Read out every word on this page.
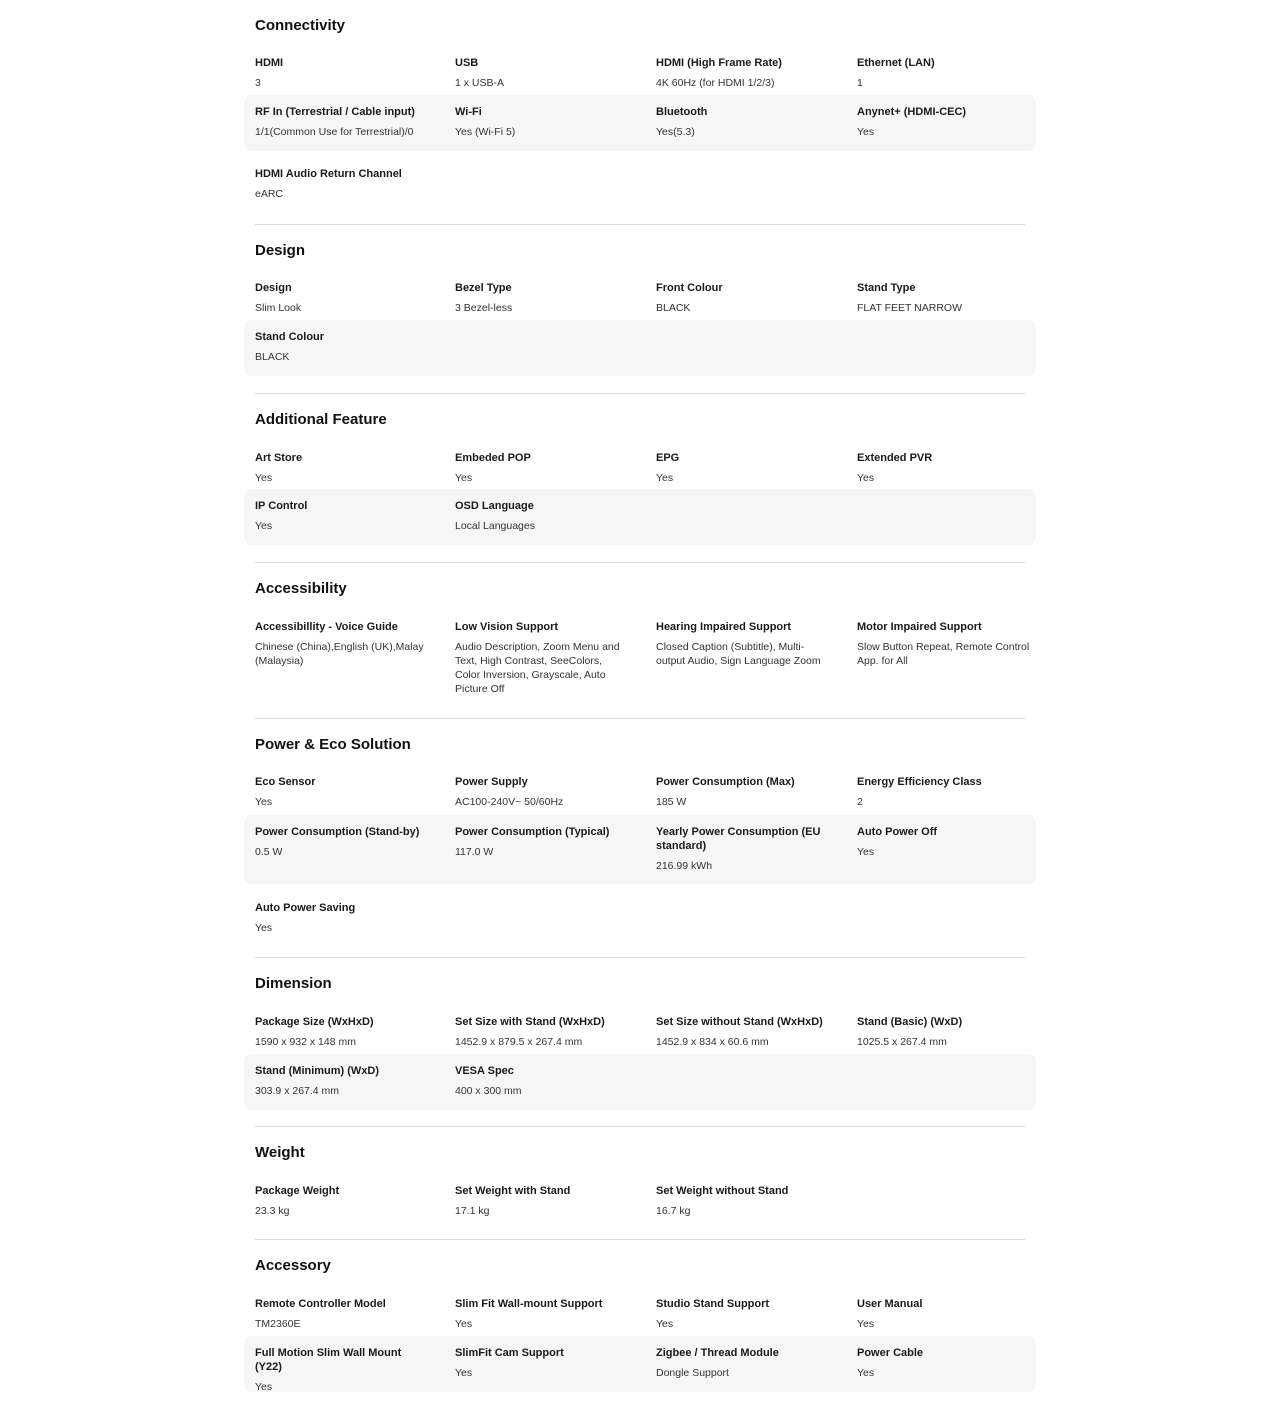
Connectivity

HDMI

3

USB

1 x USB-A

HDMI (High Frame Rate)

4K 60Hz (for HDMI 1/2/3)

Ethernet (LAN)

1

RF In (Terrestrial / Cable input)

1/1(Common Use for Terrestrial)/0

Wi-Fi

Yes (Wi-Fi 5)

Bluetooth

Yes(5.3)

Anynet+ (HDMI-CEC)

Yes

HDMI Audio Return Channel

eARC

Design

Design

Slim Look

Bezel Type

3 Bezel-less

Front Colour

BLACK

Stand Type

FLAT FEET NARROW

Stand Colour

BLACK

Additional Feature

Art Store

Yes

Embeded POP

Yes

EPG

Yes

Extended PVR

Yes

IP Control

Yes

OSD Language

Local Languages

Accessibility

Accessibillity - Voice Guide

Chinese (China),English (UK),Malay (Malaysia)

Low Vision Support

Audio Description, Zoom Menu and Text, High Contrast, SeeColors, Color Inversion, Grayscale, Auto Picture Off

Hearing Impaired Support

Closed Caption (Subtitle), Multi-output Audio, Sign Language Zoom

Motor Impaired Support

Slow Button Repeat, Remote Control App. for All

Power & Eco Solution

Eco Sensor

Yes

Power Supply

AC100-240V~ 50/60Hz

Power Consumption (Max)

185 W

Energy Efficiency Class

2

Power Consumption (Stand-by)

0.5 W

Power Consumption (Typical)

117.0 W

Yearly Power Consumption (EU standard)

216.99 kWh

Auto Power Off

Yes

Auto Power Saving

Yes

Dimension

Package Size (WxHxD)

1590 x 932 x 148 mm

Set Size with Stand (WxHxD)

1452.9 x 879.5 x 267.4 mm

Set Size without Stand (WxHxD)

1452.9 x 834 x 60.6 mm

Stand (Basic) (WxD)

1025.5 x 267.4 mm

Stand (Minimum) (WxD)

303.9 x 267.4 mm

VESA Spec

400 x 300 mm

Weight

Package Weight

23.3 kg

Set Weight with Stand

17.1 kg

Set Weight without Stand

16.7 kg

Accessory

Remote Controller Model

TM2360E

Slim Fit Wall-mount Support

Yes

Studio Stand Support

Yes

User Manual

Yes

Full Motion Slim Wall Mount (Y22)

Yes

SlimFit Cam Support

Yes

Zigbee / Thread Module

Dongle Support

Power Cable

Yes
